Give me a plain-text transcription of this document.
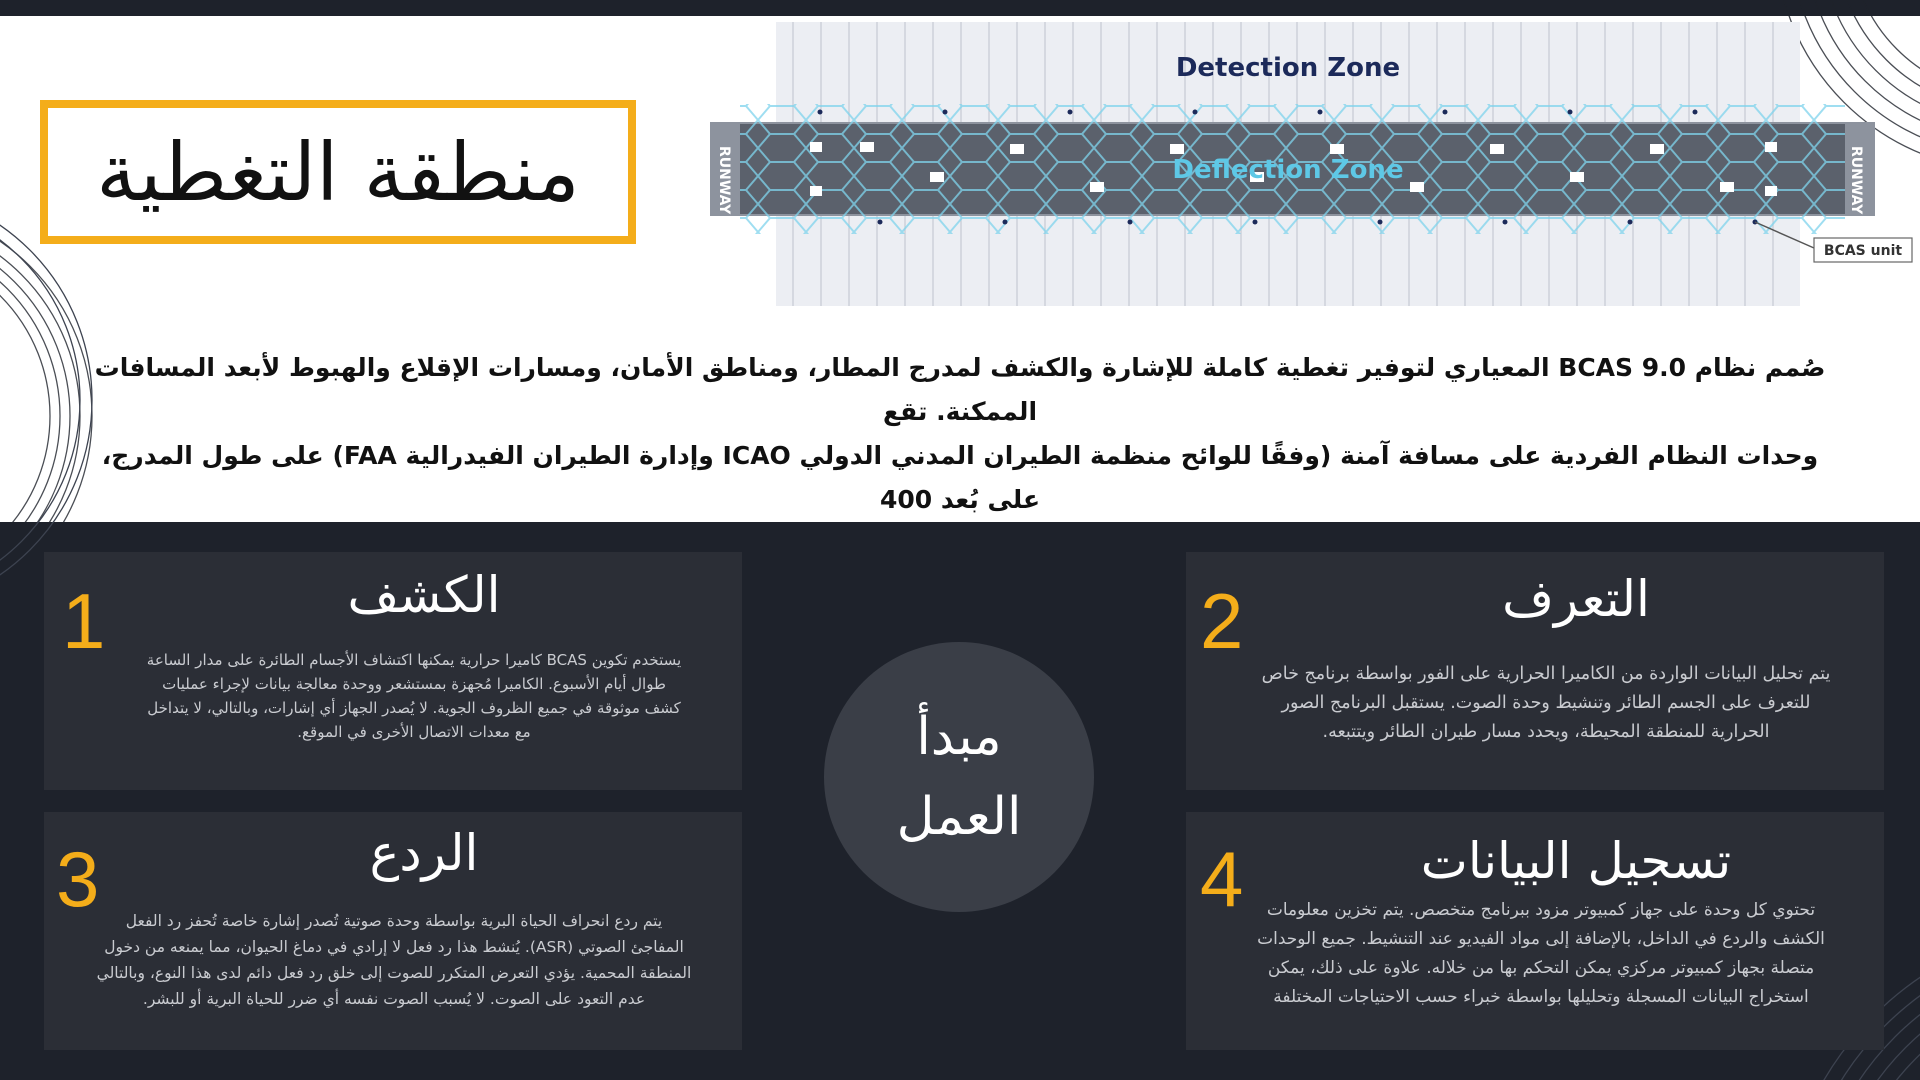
منطقة التغطية
Detection Zone
Deflection Zone
RUNWAY	RUNWAY
BCAS unit
صُمم نظام BCAS 9.0 المعياري لتوفير تغطية كاملة للإشارة والكشف لمدرج المطار، ومناطق الأمان، ومسارات الإقلاع والهبوط لأبعد المسافات الممكنة. تقع
وحدات النظام الفردية على مسافة آمنة (وفقًا للوائح منظمة الطيران المدني الدولي ICAO وإدارة الطيران الفيدرالية FAA) على طول المدرج، على بُعد 400
1	الكشف
يستخدم تكوين BCAS كاميرا حرارية يمكنها اكتشاف الأجسام الطائرة على مدار الساعة
طوال أيام الأسبوع. الكاميرا مُجهزة بمستشعر ووحدة معالجة بيانات لإجراء عمليات
كشف موثوقة في جميع الظروف الجوية. لا يُصدر الجهاز أي إشارات، وبالتالي، لا يتداخل
مع معدات الاتصال الأخرى في الموقع.
2	التعرف
يتم تحليل البيانات الواردة من الكاميرا الحرارية على الفور بواسطة برنامج خاص
للتعرف على الجسم الطائر وتنشيط وحدة الصوت. يستقبل البرنامج الصور
الحرارية للمنطقة المحيطة، ويحدد مسار طيران الطائر ويتتبعه.
3	الردع
يتم ردع انحراف الحياة البرية بواسطة وحدة صوتية تُصدر إشارة خاصة تُحفز رد الفعل
المفاجئ الصوتي (ASR). يُنشط هذا رد فعل لا إرادي في دماغ الحيوان، مما يمنعه من دخول
المنطقة المحمية. يؤدي التعرض المتكرر للصوت إلى خلق رد فعل دائم لدى هذا النوع، وبالتالي
عدم التعود على الصوت. لا يُسبب الصوت نفسه أي ضرر للحياة البرية أو للبشر.
4	تسجيل البيانات
تحتوي كل وحدة على جهاز كمبيوتر مزود ببرنامج متخصص. يتم تخزين معلومات
الكشف والردع في الداخل، بالإضافة إلى مواد الفيديو عند التنشيط. جميع الوحدات
متصلة بجهاز كمبيوتر مركزي يمكن التحكم بها من خلاله. علاوة على ذلك، يمكن
استخراج البيانات المسجلة وتحليلها بواسطة خبراء حسب الاحتياجات المختلفة
مبدأ
العمل
